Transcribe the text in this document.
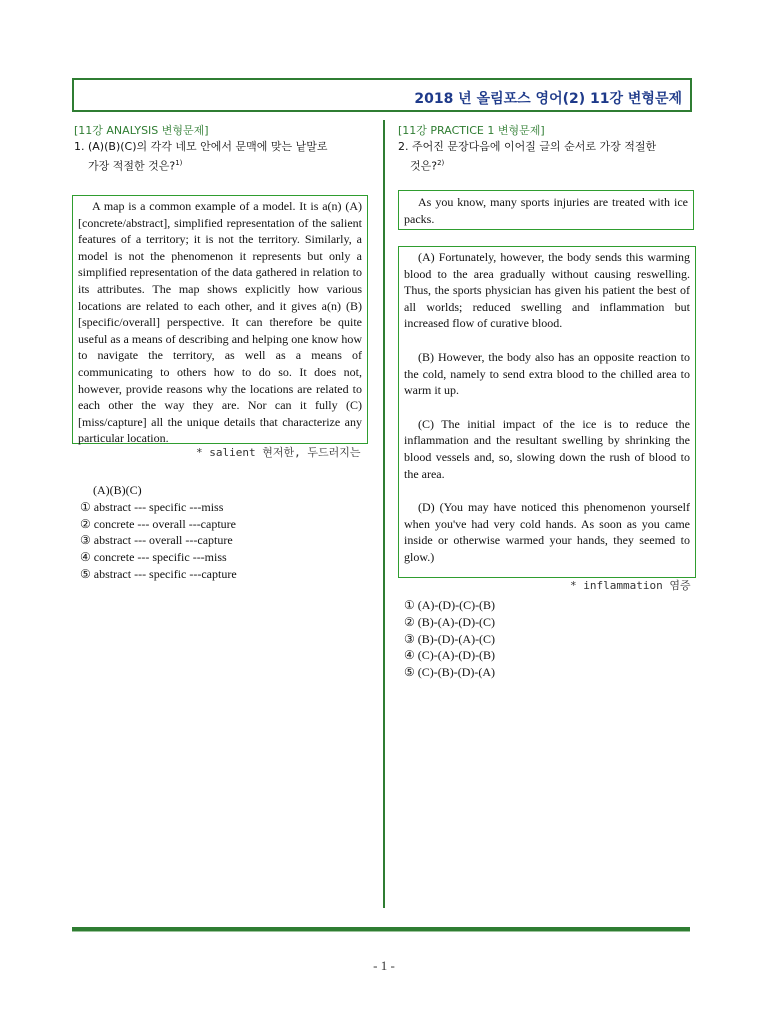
2018 년 올림포스 영어(2) 11강 변형문제
[11강 ANALYSIS 변형문제]
1. (A)(B)(C)의 각각 네모 안에서 문맥에 맞는 낱말로
가장 적절한 것은?$^{1)}$

A map is a common example of a model. It is a(n) (A)[concrete/abstract], simplified representation of the salient features of a territory; it is not the territory. Similarly, a model is not the phenomenon it represents but only a simplified representation of the data gathered in relation to its attributes. The map shows explicitly how various locations are related to each other, and it gives a(n) (B)[specific/overall] perspective. It can therefore be quite useful as a means of describing and helping one know how to navigate the territory, as well as a means of communicating to others how to do so. It does not, however, provide reasons why the locations are related to each other the way they are. Nor can it fully (C)[miss/capture] all the unique details that characterize any particular location.

* salient 현저한, 두드러지는
(A)(B)(C)
① abstract --- specific ---miss
② concrete --- overall ---capture
③ abstract --- overall ---capture
④ concrete --- specific ---miss
⑤ abstract --- specific ---capture
[11강 PRACTICE 1 변형문제]
2. 주어진 문장다음에 이어질 글의 순서로 가장 적절한
것은?$^{2)}$

As you know, many sports injuries are treated with ice packs.

(A) Fortunately, however, the body sends this warming blood to the area gradually without causing reswelling. Thus, the sports physician has given his patient the best of all worlds; reduced swelling and inflammation but increased flow of curative blood.

(B) However, the body also has an opposite reaction to the cold, namely to send extra blood to the chilled area to warm it up.

(C) The initial impact of the ice is to reduce the inflammation and the resultant swelling by shrinking the blood vessels and, so, slowing down the rush of blood to the area.

(D) (You may have noticed this phenomenon yourself when you've had very cold hands. As soon as you came inside or otherwise warmed your hands, they seemed to glow.)

* inflammation 염증
① (A)-(D)-(C)-(B)
② (B)-(A)-(D)-(C)
③ (B)-(D)-(A)-(C)
④ (C)-(A)-(D)-(B)
⑤ (C)-(B)-(D)-(A)
- 1 -
